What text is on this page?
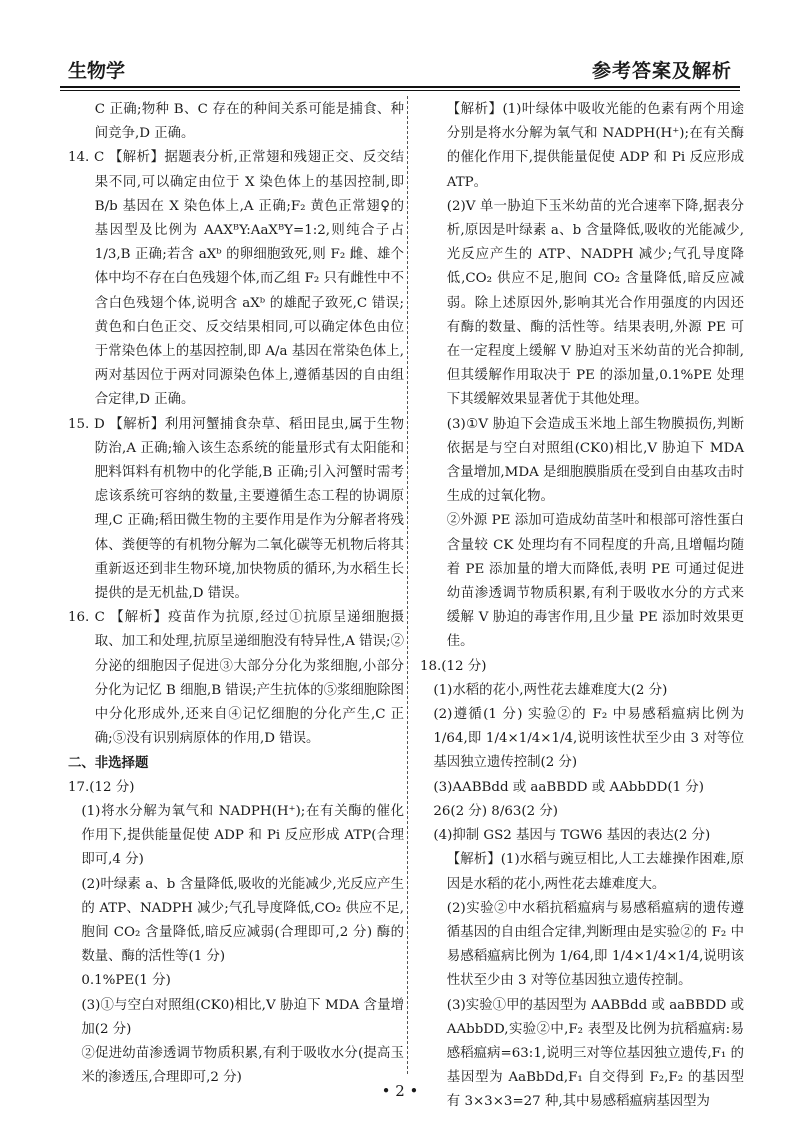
生物学	参考答案及解析

C 正确;物种 B、C 存在的种间关系可能是捕食、种间竞争,D 正确。

14. C 【解析】据题表分析,正常翅和残翅正交、反交结果不同,可以确定由位于 X 染色体上的基因控制,即 B/b 基因在 X 染色体上,A 正确;F₂ 黄色正常翅♀的基因型及比例为 AAXᴮY:AaXᴮY=1:2,则纯合子占 1/3,B 正确;若含 aXᵇ 的卵细胞致死,则 F₂ 雌、雄个体中均不存在白色残翅个体,而乙组 F₂ 只有雌性中不含白色残翅个体,说明含 aXᵇ 的雄配子致死,C 错误;黄色和白色正交、反交结果相同,可以确定体色由位于常染色体上的基因控制,即 A/a 基因在常染色体上,两对基因位于两对同源染色体上,遵循基因的自由组合定律,D 正确。

15. D 【解析】利用河蟹捕食杂草、稻田昆虫,属于生物防治,A 正确;输入该生态系统的能量形式有太阳能和肥料饵料有机物中的化学能,B 正确;引入河蟹时需考虑该系统可容纳的数量,主要遵循生态工程的协调原理,C 正确;稻田微生物的主要作用是作为分解者将残体、粪便等的有机物分解为二氧化碳等无机物后将其重新返还到非生物环境,加快物质的循环,为水稻生长提供的是无机盐,D 错误。

16. C 【解析】疫苗作为抗原,经过①抗原呈递细胞摄取、加工和处理,抗原呈递细胞没有特异性,A 错误;②分泌的细胞因子促进③大部分分化为浆细胞,小部分分化为记忆 B 细胞,B 错误;产生抗体的⑤浆细胞除图中分化形成外,还来自④记忆细胞的分化产生,C 正确;⑤没有识别病原体的作用,D 错误。

二、非选择题

17.(12 分)

(1)将水分解为氧气和 NADPH(H⁺);在有关酶的催化作用下,提供能量促使 ADP 和 Pi 反应形成 ATP(合理即可,4 分)

(2)叶绿素 a、b 含量降低,吸收的光能减少,光反应产生的 ATP、NADPH 减少;气孔导度降低,CO₂ 供应不足,胞间 CO₂ 含量降低,暗反应减弱(合理即可,2 分) 酶的数量、酶的活性等(1 分)

0.1%PE(1 分)

(3)①与空白对照组(CK0)相比,V 胁迫下 MDA 含量增加(2 分)

②促进幼苗渗透调节物质积累,有利于吸收水分(提高玉米的渗透压,合理即可,2 分)

【解析】(1)叶绿体中吸收光能的色素有两个用途分别是将水分解为氧气和 NADPH(H⁺);在有关酶的催化作用下,提供能量促使 ADP 和 Pi 反应形成 ATP。

(2)V 单一胁迫下玉米幼苗的光合速率下降,据表分析,原因是叶绿素 a、b 含量降低,吸收的光能减少,光反应产生的 ATP、NADPH 减少;气孔导度降低,CO₂ 供应不足,胞间 CO₂ 含量降低,暗反应减弱。除上述原因外,影响其光合作用强度的内因还有酶的数量、酶的活性等。结果表明,外源 PE 可在一定程度上缓解 V 胁迫对玉米幼苗的光合抑制,但其缓解作用取决于 PE 的添加量,0.1%PE 处理下其缓解效果显著优于其他处理。

(3)①V 胁迫下会造成玉米地上部生物膜损伤,判断依据是与空白对照组(CK0)相比,V 胁迫下 MDA 含量增加,MDA 是细胞膜脂质在受到自由基攻击时生成的过氧化物。

②外源 PE 添加可造成幼苗茎叶和根部可溶性蛋白含量较 CK 处理均有不同程度的升高,且增幅均随着 PE 添加量的增大而降低,表明 PE 可通过促进幼苗渗透调节物质积累,有利于吸收水分的方式来缓解 V 胁迫的毒害作用,且少量 PE 添加时效果更佳。

18.(12 分)

(1)水稻的花小,两性花去雄难度大(2 分)

(2)遵循(1 分) 实验②的 F₂ 中易感稻瘟病比例为 1/64,即 1/4×1/4×1/4,说明该性状至少由 3 对等位基因独立遗传控制(2 分)

(3)AABBdd 或 aaBBDD 或 AAbbDD(1 分)

26(2 分) 8/63(2 分)

(4)抑制 GS2 基因与 TGW6 基因的表达(2 分)

【解析】(1)水稻与豌豆相比,人工去雄操作困难,原因是水稻的花小,两性花去雄难度大。

(2)实验②中水稻抗稻瘟病与易感稻瘟病的遗传遵循基因的自由组合定律,判断理由是实验②的 F₂ 中易感稻瘟病比例为 1/64,即 1/4×1/4×1/4,说明该性状至少由 3 对等位基因独立遗传控制。

(3)实验①甲的基因型为 AABBdd 或 aaBBDD 或 AAbbDD,实验②中,F₂ 表型及比例为抗稻瘟病:易感稻瘟病=63:1,说明三对等位基因独立遗传,F₁ 的基因型为 AaBbDd,F₁ 自交得到 F₂,F₂ 的基因型有 3×3×3=27 种,其中易感稻瘟病基因型为

• 2 •
